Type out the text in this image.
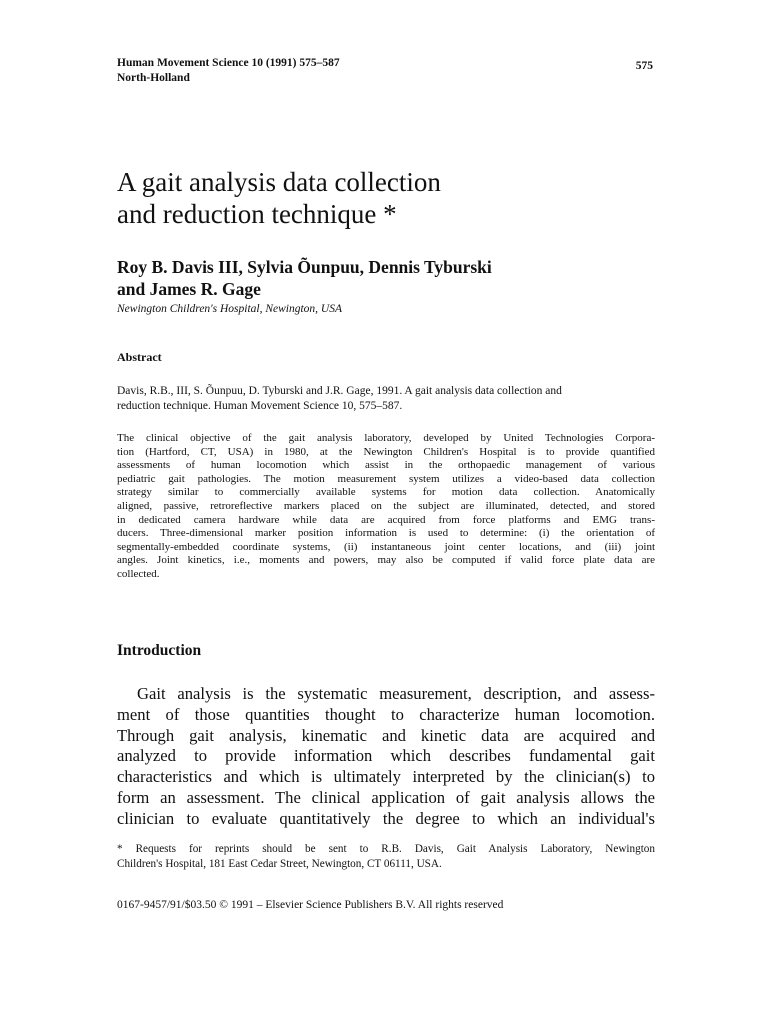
Human Movement Science 10 (1991) 575–587
North-Holland
575
A gait analysis data collection
and reduction technique *
Roy B. Davis III, Sylvia Õunpuu, Dennis Tyburski
and James R. Gage
Newington Children's Hospital, Newington, USA
Abstract
Davis, R.B., III, S. Õunpuu, D. Tyburski and J.R. Gage, 1991. A gait analysis data collection and
reduction technique. Human Movement Science 10, 575–587.
The clinical objective of the gait analysis laboratory, developed by United Technologies Corpora-
tion (Hartford, CT, USA) in 1980, at the Newington Children's Hospital is to provide quantified
assessments of human locomotion which assist in the orthopaedic management of various
pediatric gait pathologies. The motion measurement system utilizes a video-based data collection
strategy similar to commercially available systems for motion data collection. Anatomically
aligned, passive, retroreflective markers placed on the subject are illuminated, detected, and stored
in dedicated camera hardware while data are acquired from force platforms and EMG trans-
ducers. Three-dimensional marker position information is used to determine: (i) the orientation of
segmentally-embedded coordinate systems, (ii) instantaneous joint center locations, and (iii) joint
angles. Joint kinetics, i.e., moments and powers, may also be computed if valid force plate data are
collected.
Introduction
Gait analysis is the systematic measurement, description, and assess-
ment of those quantities thought to characterize human locomotion.
Through gait analysis, kinematic and kinetic data are acquired and
analyzed to provide information which describes fundamental gait
characteristics and which is ultimately interpreted by the clinician(s) to
form an assessment. The clinical application of gait analysis allows the
clinician to evaluate quantitatively the degree to which an individual's
* Requests for reprints should be sent to R.B. Davis, Gait Analysis Laboratory, Newington
Children's Hospital, 181 East Cedar Street, Newington, CT 06111, USA.
0167-9457/91/$03.50 © 1991 – Elsevier Science Publishers B.V. All rights reserved
